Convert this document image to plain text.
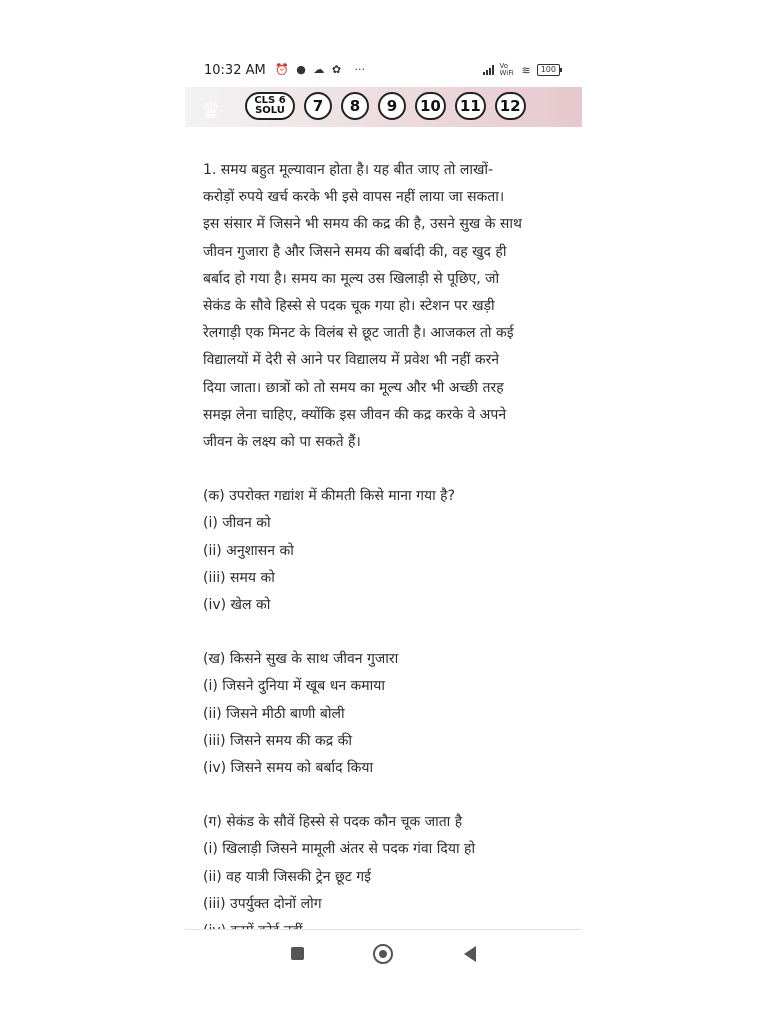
10:32 AM ⏰ ● ☁ ✿ ···	Vo WiFi ≋	100
♛	CLS 6
SOLU	7	8	9	10	11	12
1. समय बहुत मूल्यावान होता है। यह बीत जाए तो लाखों-
करोड़ों रुपये खर्च करके भी इसे वापस नहीं लाया जा सकता।
इस संसार में जिसने भी समय की कद्र की है, उसने सुख के साथ
जीवन गुजारा है और जिसने समय की बर्बादी की, वह खुद ही
बर्बाद हो गया है। समय का मूल्य उस खिलाड़ी से पूछिए, जो
सेकंड के सौवे हिस्से से पदक चूक गया हो। स्टेशन पर खड़ी
रेलगाड़ी एक मिनट के विलंब से छूट जाती है। आजकल तो कई
विद्यालयों में देरी से आने पर विद्यालय में प्रवेश भी नहीं करने
दिया जाता। छात्रों को तो समय का मूल्य और भी अच्छी तरह
समझ लेना चाहिए, क्योंकि इस जीवन की कद्र करके वे अपने
जीवन के लक्ष्य को पा सकते हैं।

(क) उपरोक्त गद्यांश में कीमती किसे माना गया है?

(i) जीवन को

(ii) अनुशासन को

(iii) समय को

(iv) खेल को

(ख) किसने सुख के साथ जीवन गुजारा

(i) जिसने दुनिया में खूब धन कमाया

(ii) जिसने मीठी बाणी बोली

(iii) जिसने समय की कद्र की

(iv) जिसने समय को बर्बाद किया

(ग) सेकंड के सौवें हिस्से से पदक कौन चूक जाता है

(i) खिलाड़ी जिसने मामूली अंतर से पदक गंवा दिया हो

(ii) वह यात्री जिसकी ट्रेन छूट गई

(iii) उपर्युक्त दोनों लोग
